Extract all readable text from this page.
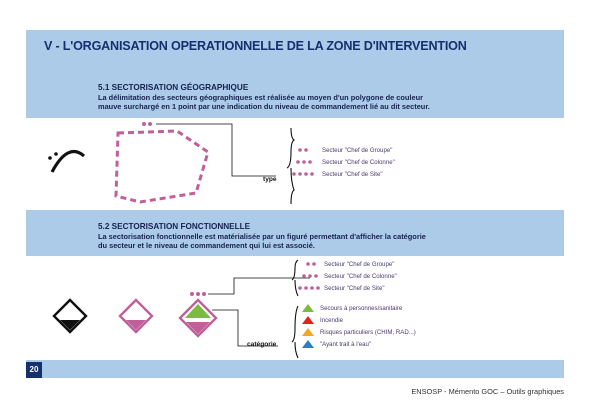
V - L'ORGANISATION OPERATIONNELLE DE LA ZONE D'INTERVENTION
5.1 SECTORISATION GÉOGRAPHIQUE
La délimitation des secteurs géographiques est réalisée au moyen d'un polygone de couleur
mauve surchargé en 1 point par une indication du niveau de commandement lié au dit secteur.
type
Secteur "Chef de Groupe"
Secteur "Chef de Colonne"
Secteur "Chef de Site"
5.2 SECTORISATION FONCTIONNELLE
La sectorisation fonctionnelle est matérialisée par un figuré permettant d'afficher la catégorie
du secteur et le niveau de commandement qui lui est associé.
Secteur "Chef de Groupe"
Secteur "Chef de Colonne"
Secteur "Chef de Site"
catégorie
Secours à personnes/sanitaire
Incendie
Risques particuliers (CHIM, RAD...)
"Ayant trait à l'eau"
20
ENSOSP - Mémento GOC – Outils graphiques
